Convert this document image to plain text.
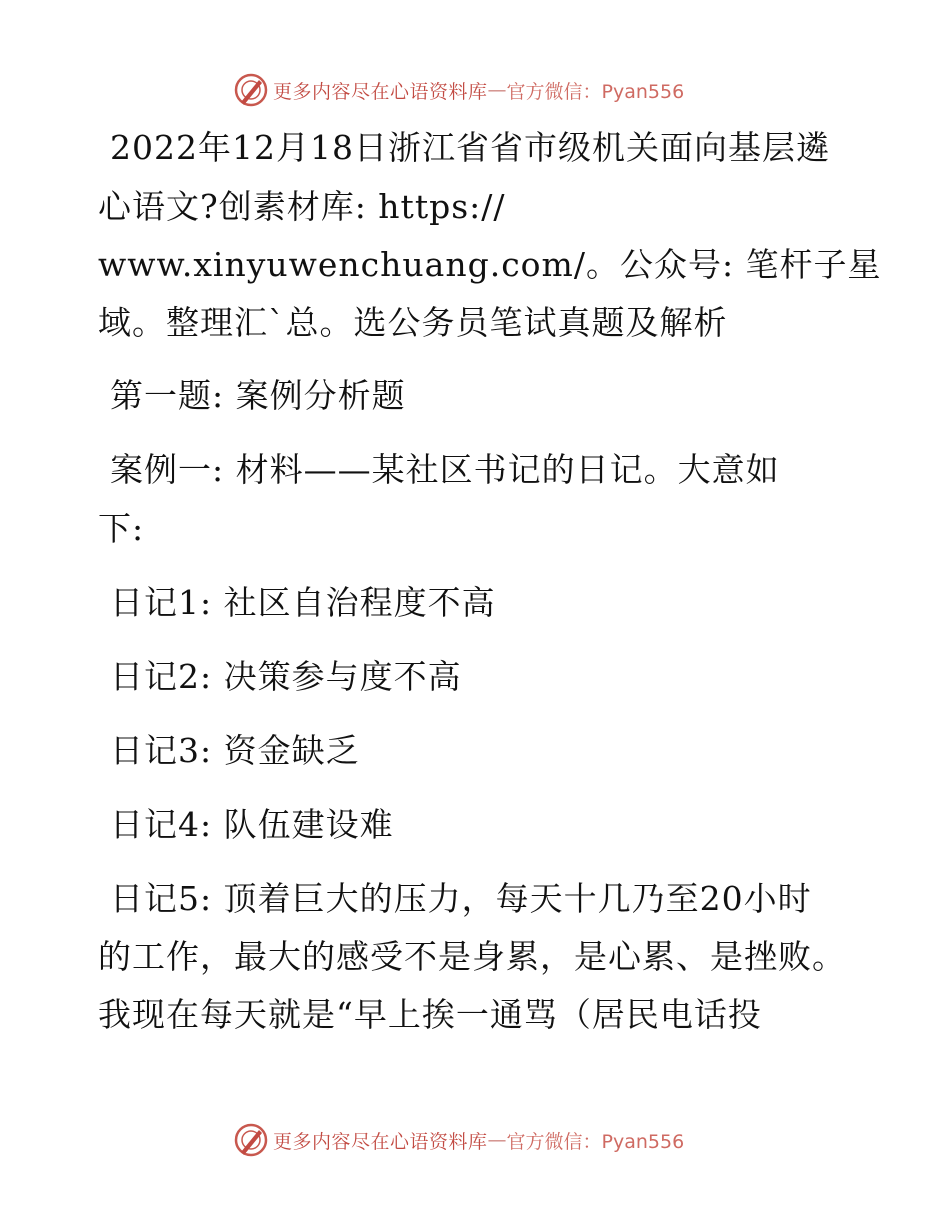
更多内容尽在心语资料库 — 官方微信：Pyan556
2022年12月18日浙江省省市级机关面向基层遴
心语文?创素材库: https://
www.xinyuwenchuang.com/。公众号: 笔杆子星
域。整理汇`总。选公务员笔试真题及解析
第一题: 案例分析题
案例一: 材料——某社区书记的日记。大意如
下:
日记1: 社区自治程度不高
日记2: 决策参与度不高
日记3: 资金缺乏
日记4: 队伍建设难
日记5: 顶着巨大的压力，每天十几乃至20小时
的工作，最大的感受不是身累，是心累、是挫败。
我现在每天就是“早上挨一通骂（居民电话投
更多内容尽在心语资料库 — 官方微信：Pyan556
